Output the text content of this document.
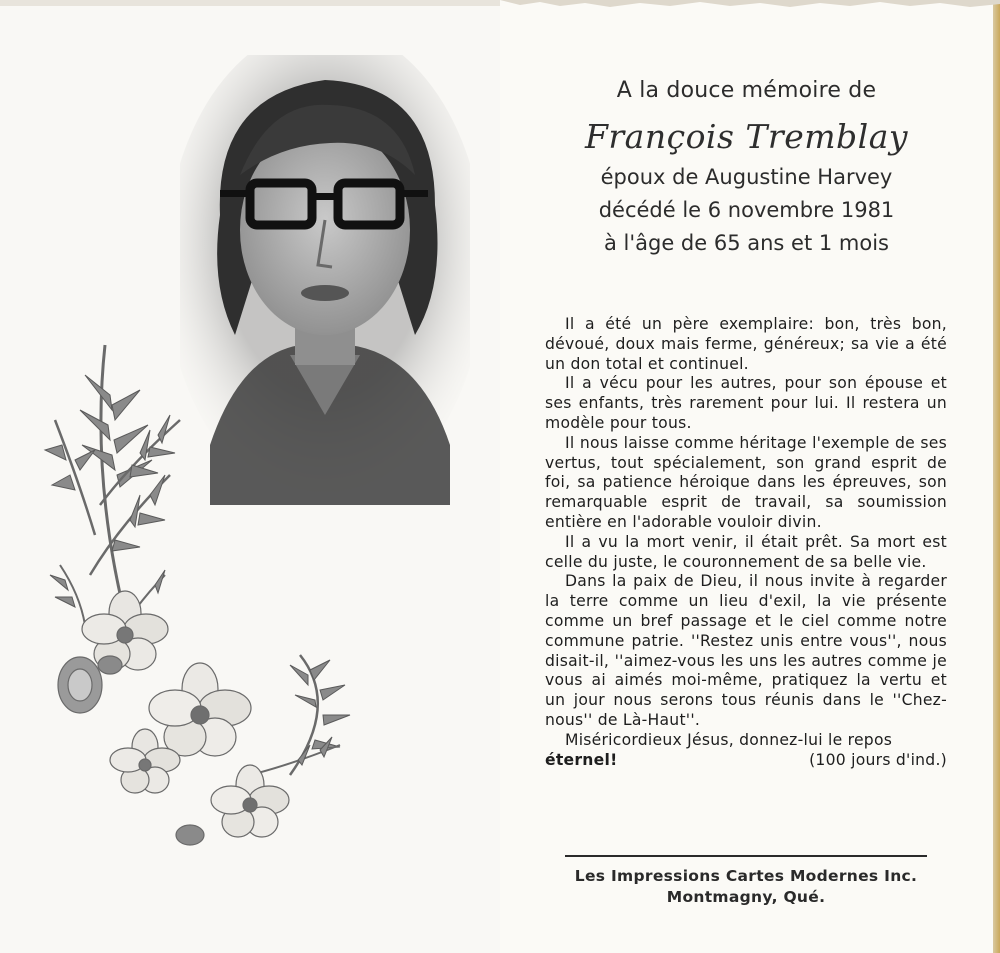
A la douce mémoire de
François Tremblay
époux de Augustine Harvey
décédé le 6 novembre 1981
à l'âge de 65 ans et 1 mois

Il a été un père exemplaire: bon, très bon, dévoué, doux mais ferme, généreux; sa vie a été un don total et continuel.

Il a vécu pour les autres, pour son épouse et ses enfants, très rarement pour lui. Il restera un modèle pour tous.

Il nous laisse comme héritage l'exemple de ses vertus, tout spécialement, son grand esprit de foi, sa patience héroique dans les épreuves, son remarquable esprit de travail, sa soumission entière en l'adorable vouloir divin.

Il a vu la mort venir, il était prêt. Sa mort est celle du juste, le couronnement de sa belle vie.

Dans la paix de Dieu, il nous invite à regarder la terre comme un lieu d'exil, la vie présente comme un bref passage et le ciel comme notre commune patrie. ''Restez unis entre vous'', nous disait-il, ''aimez-vous les uns les autres comme je vous ai aimés moi-même, pratiquez la vertu et un jour nous serons tous réunis dans le ''Chez-nous'' de Là-Haut''.

Miséricordieux Jésus, donnez-lui le repos

éternel!	(100 jours d'ind.)
Les Impressions Cartes Modernes Inc.
Montmagny, Qué.
